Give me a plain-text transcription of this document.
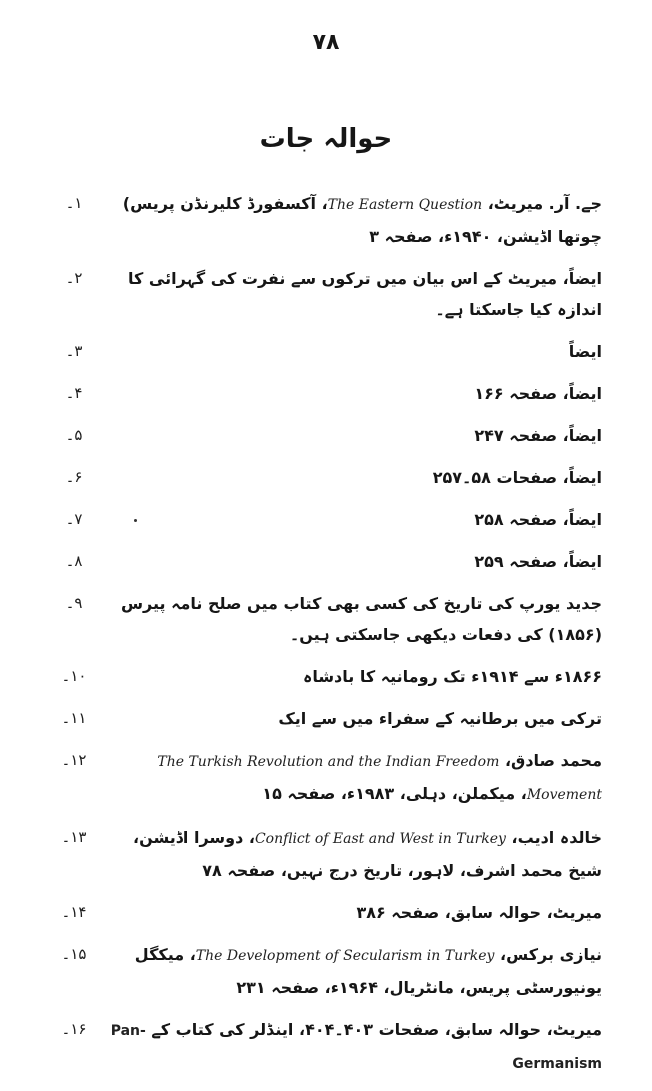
۷۸
حوالہ جات
۱۔	جے. آر. میریٹ، The Eastern Question، آکسفورڈ کلیرنڈن پریس) چوتھا اڈیشن، ۱۹۴۰ء، صفحہ ۳
۲۔	ایضاً، میریٹ کے اس بیان میں ترکوں سے نفرت کی گہرائی کا اندازہ کیا جاسکتا ہے۔
۳۔	ایضاً
۴۔	ایضاً، صفحہ ۱۶۶
۵۔	ایضاً، صفحہ ۲۴۷
۶۔	ایضاً، صفحات ۵۸۔۲۵۷
۷۔	ایضاً، صفحہ ۲۵۸
۸۔	ایضاً، صفحہ ۲۵۹
۹۔	جدید یورپ کی تاریخ کی کسی بھی کتاب میں صلح نامہ پیرس (۱۸۵۶) کی دفعات دیکھی جاسکتی ہیں۔
۱۰۔	۱۸۶۶ء سے ۱۹۱۴ء تک رومانیہ کا بادشاہ
۱۱۔	ترکی میں برطانیہ کے سفراء میں سے ایک
۱۲۔	محمد صادق، The Turkish Revolution and the Indian Freedom Movement، میکملن، دہلی، ۱۹۸۳ء، صفحہ ۱۵
۱۳۔	خالدہ ادیب، Conflict of East and West in Turkey، دوسرا اڈیشن، شیخ محمد اشرف، لاہور، تاریخ درج نہیں، صفحہ ۷۸
۱۴۔	میریٹ، حوالہ سابق، صفحہ ۳۸۶
۱۵۔	نیازی برکس، The Development of Secularism in Turkey، میکگل یونیورسٹی پریس، مانٹریال، ۱۹۶۴ء، صفحہ ۲۳۱
۱۶۔	میریٹ، حوالہ سابق، صفحات ۴۰۳۔۴۰۴، اینڈلر کی کتاب کے Pan-Germanism
